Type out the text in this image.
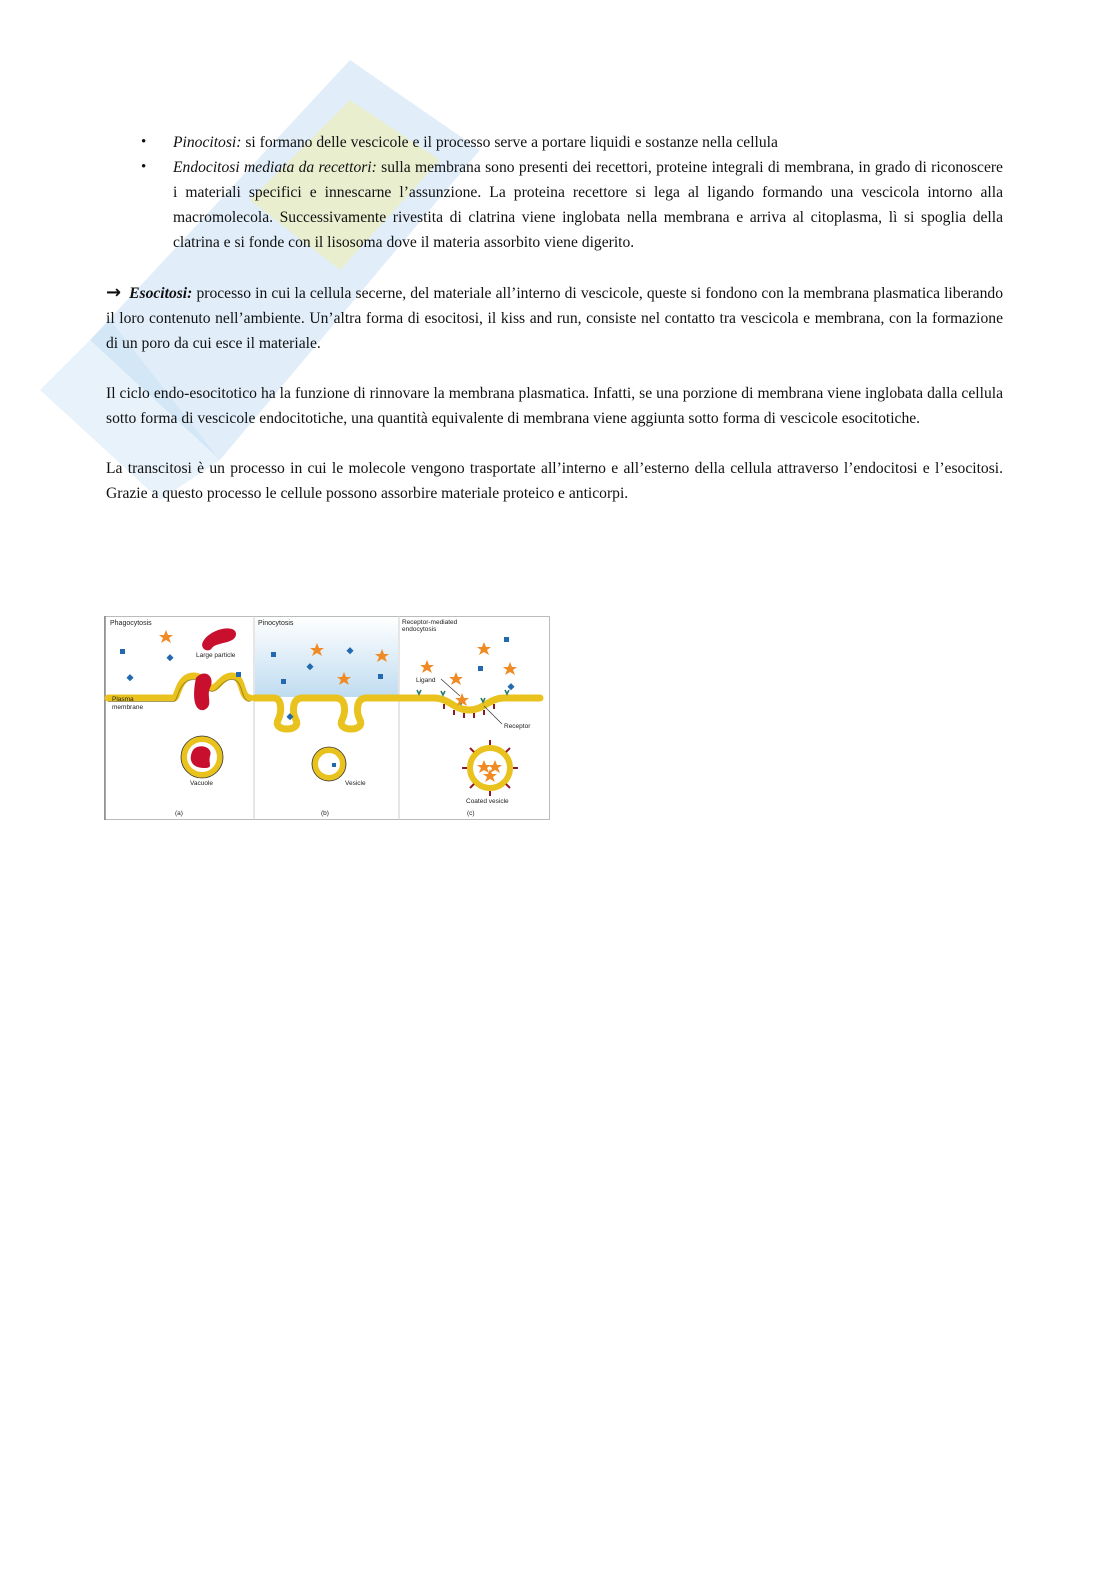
• Pinocitosi: si formano delle vescicole e il processo serve a portare liquidi e sostanze nella cellula
• Endocitosi mediata da recettori: sulla membrana sono presenti dei recettori, proteine integrali di membrana, in grado di riconoscere i materiali specifici e innescarne l’assunzione. La proteina recettore si lega al ligando formando una vescicola intorno alla macromolecola. Successivamente rivestita di clatrina viene inglobata nella membrana e arriva al citoplasma, lì si spoglia della clatrina e si fonde con il lisosoma dove il materia assorbito viene digerito.

→ Esocitosi: processo in cui la cellula secerne, del materiale all’interno di vescicole, queste si fondono con la membrana plasmatica liberando il loro contenuto nell’ambiente. Un’altra forma di esocitosi, il kiss and run, consiste nel contatto tra vescicola e membrana, con la formazione di un poro da cui esce il materiale.

Il ciclo endo-esocitotico ha la funzione di rinnovare la membrana plasmatica. Infatti, se una porzione di membrana viene inglobata dalla cellula sotto forma di vescicole endocitotiche, una quantità equivalente di membrana viene aggiunta sotto forma di vescicole esocitotiche.

La transcitosi è un processo in cui le molecole vengono trasportate all’interno e all’esterno della cellula attraverso l’endocitosi e l’esocitosi. Grazie a questo processo le cellule possono assorbire materiale proteico e anticorpi.

Phagocytosis
Large particle
Plasma
membrane
Vacuole
(a)
Pinocytosis
Vesicle
(b)
Receptor-mediated
endocytosis
Ligand
Receptor
Coated vesicle
(c)
